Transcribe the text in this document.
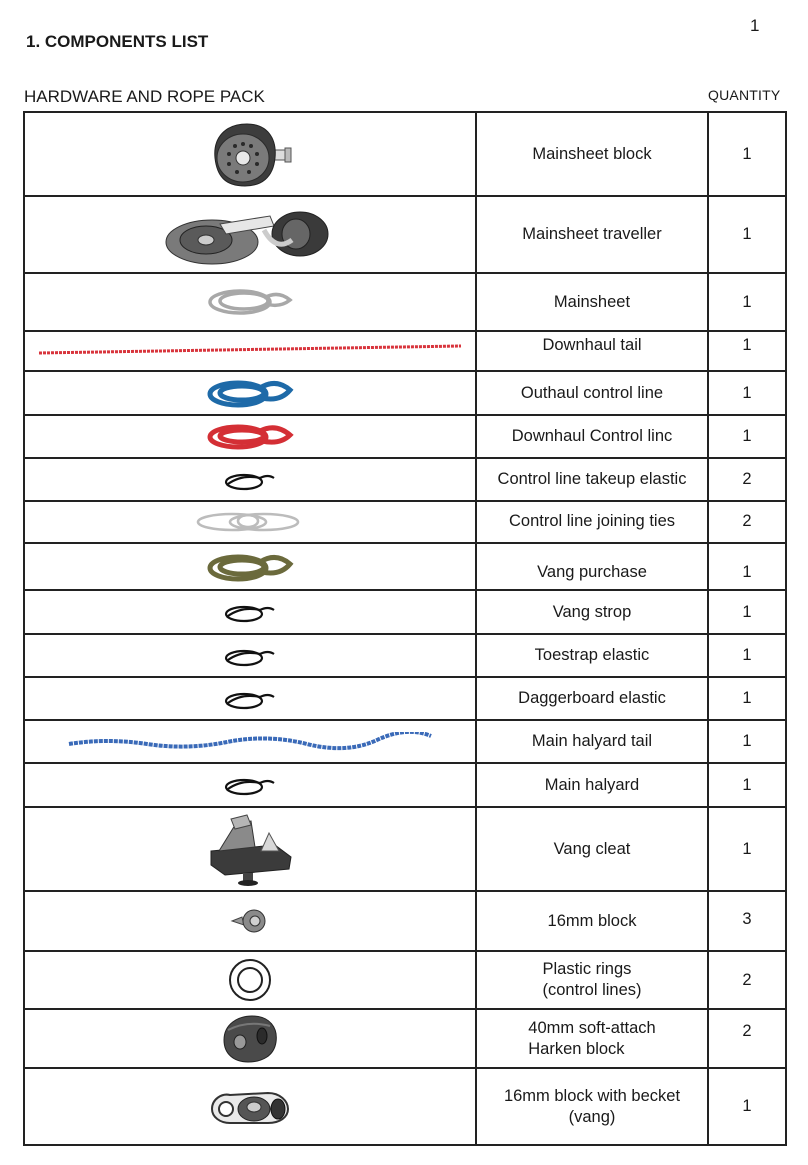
1
1. COMPONENTS LIST
HARDWARE AND ROPE PACK	QUANTITY
	Mainsheet block	1

	Mainsheet traveller	1

	Mainsheet	1

	Downhaul tail	1

	Outhaul control line	1

	Downhaul Control linc	1

	Control line takeup elastic	2

	Control line joining ties	2

	Vang purchase	1

	Vang strop	1

	Toestrap elastic	1

	Daggerboard elastic	1

	Main halyard tail	1

	Main halyard	1

	Vang cleat	1

	16mm block	3

	Plastic rings
(control lines)	2

	40mm soft-attach
Harken block	2

	16mm block with becket
(vang)	1
